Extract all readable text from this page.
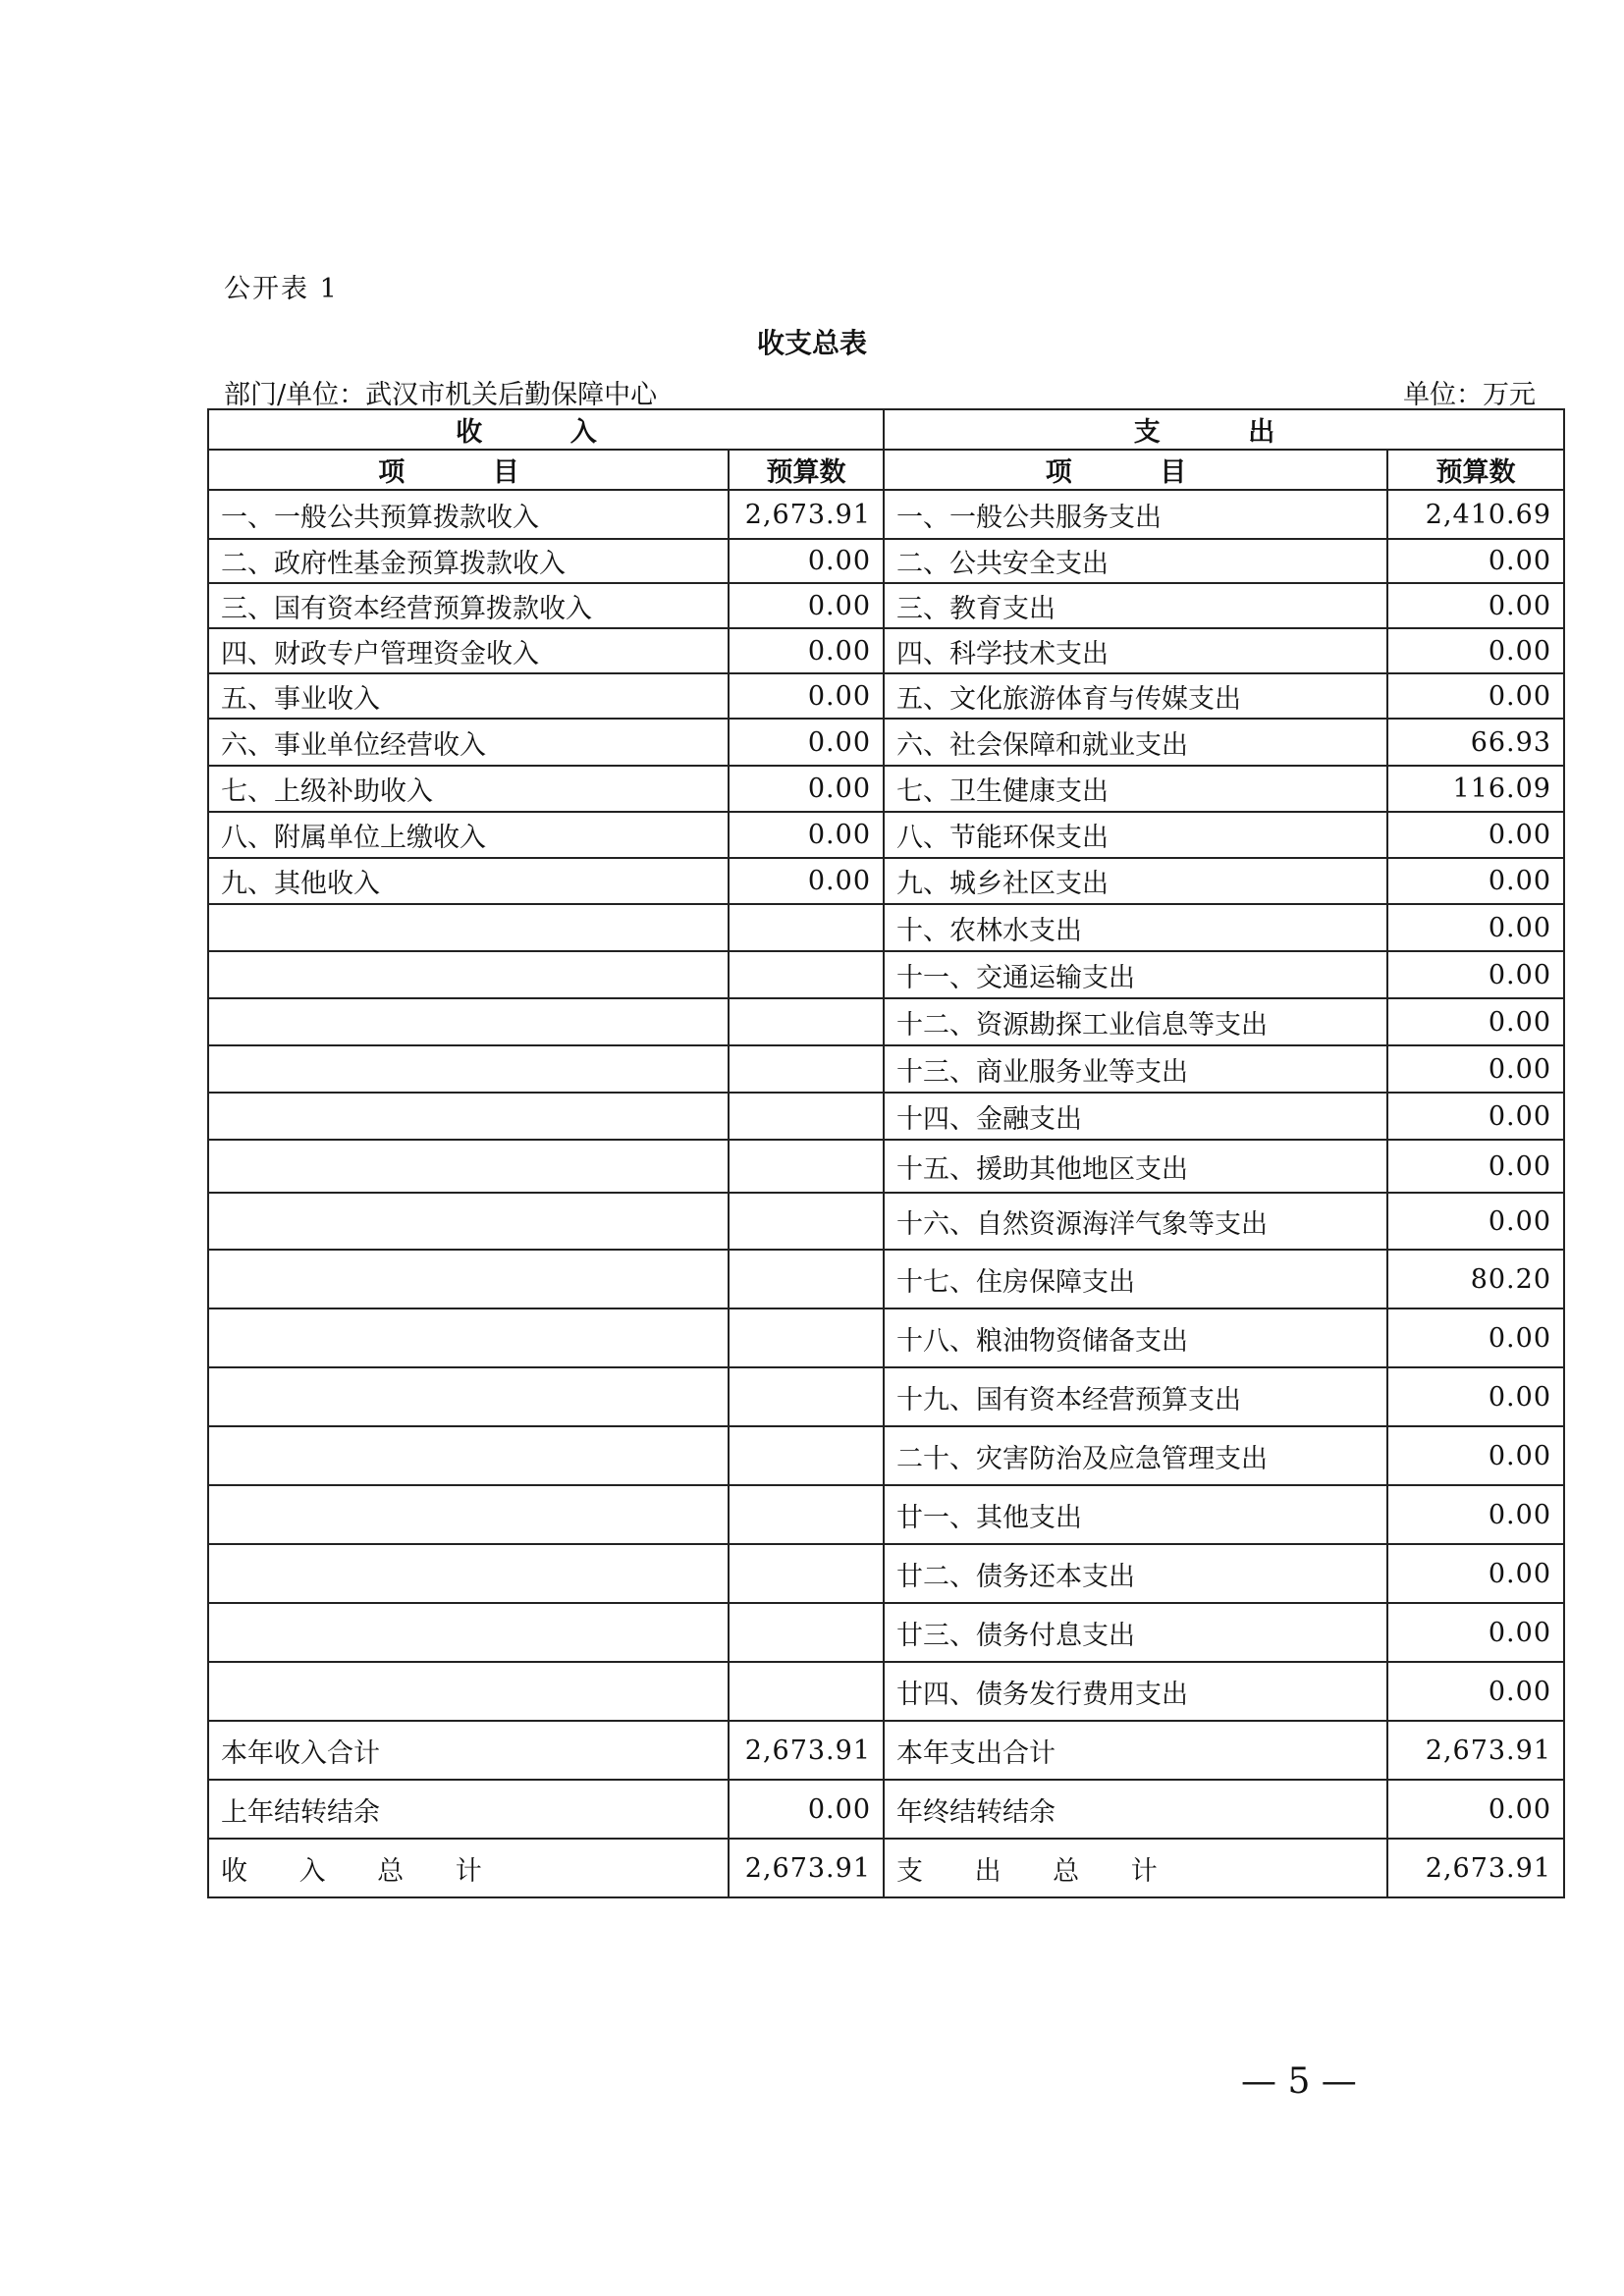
公开表 1
收支总表
部门/单位：武汉市机关后勤保障中心	单位：万元
收 入		支 出	
项 目	预算数	项 目	预算数
一、一般公共预算拨款收入	2,673.91	一、一般公共服务支出	2,410.69
二、政府性基金预算拨款收入	0.00	二、公共安全支出	0.00
三、国有资本经营预算拨款收入	0.00	三、教育支出	0.00
四、财政专户管理资金收入	0.00	四、科学技术支出	0.00
五、事业收入	0.00	五、文化旅游体育与传媒支出	0.00
六、事业单位经营收入	0.00	六、社会保障和就业支出	66.93
七、上级补助收入	0.00	七、卫生健康支出	116.09
八、附属单位上缴收入	0.00	八、节能环保支出	0.00
九、其他收入	0.00	九、城乡社区支出	0.00
		十、农林水支出	0.00
		十一、交通运输支出	0.00
		十二、资源勘探工业信息等支出	0.00
		十三、商业服务业等支出	0.00
		十四、金融支出	0.00
		十五、援助其他地区支出	0.00
		十六、自然资源海洋气象等支出	0.00
		十七、住房保障支出	80.20
		十八、粮油物资储备支出	0.00
		十九、国有资本经营预算支出	0.00
		二十、灾害防治及应急管理支出	0.00
		廿一、其他支出	0.00
		廿二、债务还本支出	0.00
		廿三、债务付息支出	0.00
		廿四、债务发行费用支出	0.00
本年收入合计	2,673.91	本年支出合计	2,673.91
上年结转结余	0.00	年终结转结余	0.00
收 入 总 计	2,673.91	支 出 总 计	2,673.91
— 5 —
